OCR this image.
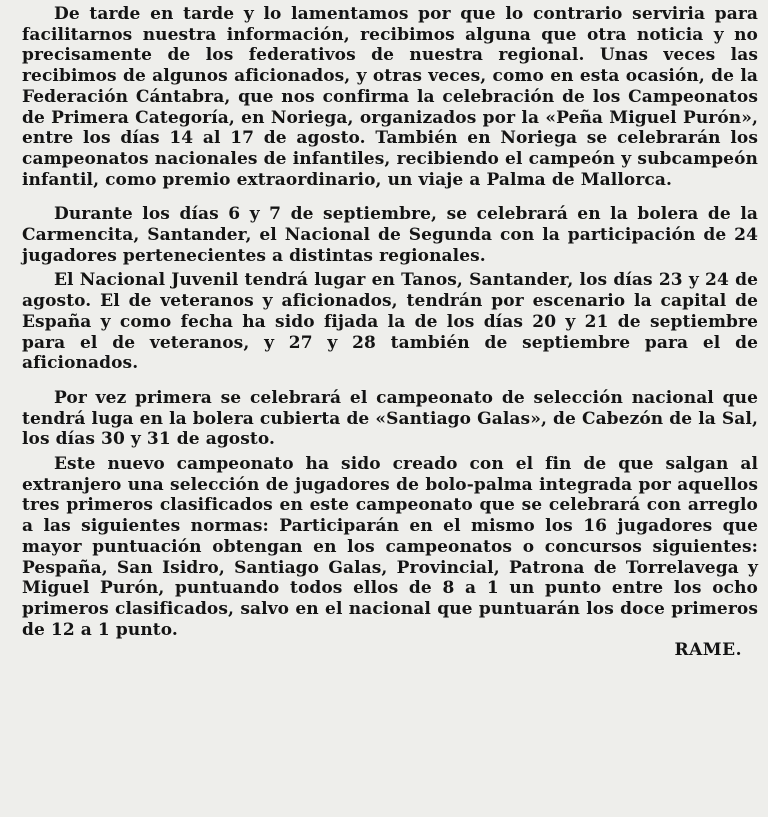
De tarde en tarde y lo lamentamos por que lo contrario serviria para facilitarnos nuestra información, recibimos alguna que otra noticia y no precisamente de los federativos de nuestra regional. Unas veces las recibimos de algunos aficionados, y otras veces, como en esta ocasión, de la Federación Cántabra, que nos confirma la celebración de los Campeonatos de Primera Categoría, en Noriega, organizados por la «Peña Miguel Purón», entre los días 14 al 17 de agosto. También en Noriega se celebrarán los campeonatos nacionales de infantiles, recibiendo el campeón y subcampeón infantil, como premio extraordinario, un viaje a Palma de Mallorca.

Durante los días 6 y 7 de septiembre, se celebrará en la bolera de la Carmencita, Santander, el Nacional de Segunda con la participación de 24 jugadores pertenecientes a distintas regionales.

El Nacional Juvenil tendrá lugar en Tanos, Santander, los días 23 y 24 de agosto. El de veteranos y aficionados, tendrán por escenario la capital de España y como fecha ha sido fijada la de los días 20 y 21 de septiembre para el de veteranos, y 27 y 28 también de septiembre para el de aficionados.

Por vez primera se celebrará el campeonato de selección nacional que tendrá luga en la bolera cubierta de «Santiago Galas», de Cabezón de la Sal, los días 30 y 31 de agosto.

Este nuevo campeonato ha sido creado con el fin de que salgan al extranjero una selección de jugadores de bolo-palma integrada por aquellos tres primeros clasificados en este campeonato que se celebrará con arreglo a las siguientes normas: Participarán en el mismo los 16 jugadores que mayor puntuación obtengan en los campeonatos o concursos siguientes: Pespaña, San Isidro, Santiago Galas, Provincial, Patrona de Torrelavega y Miguel Purón, puntuando todos ellos de 8 a 1 un punto entre los ocho primeros clasificados, salvo en el nacional que puntuarán los doce primeros de 12 a 1 punto.

RAME.
